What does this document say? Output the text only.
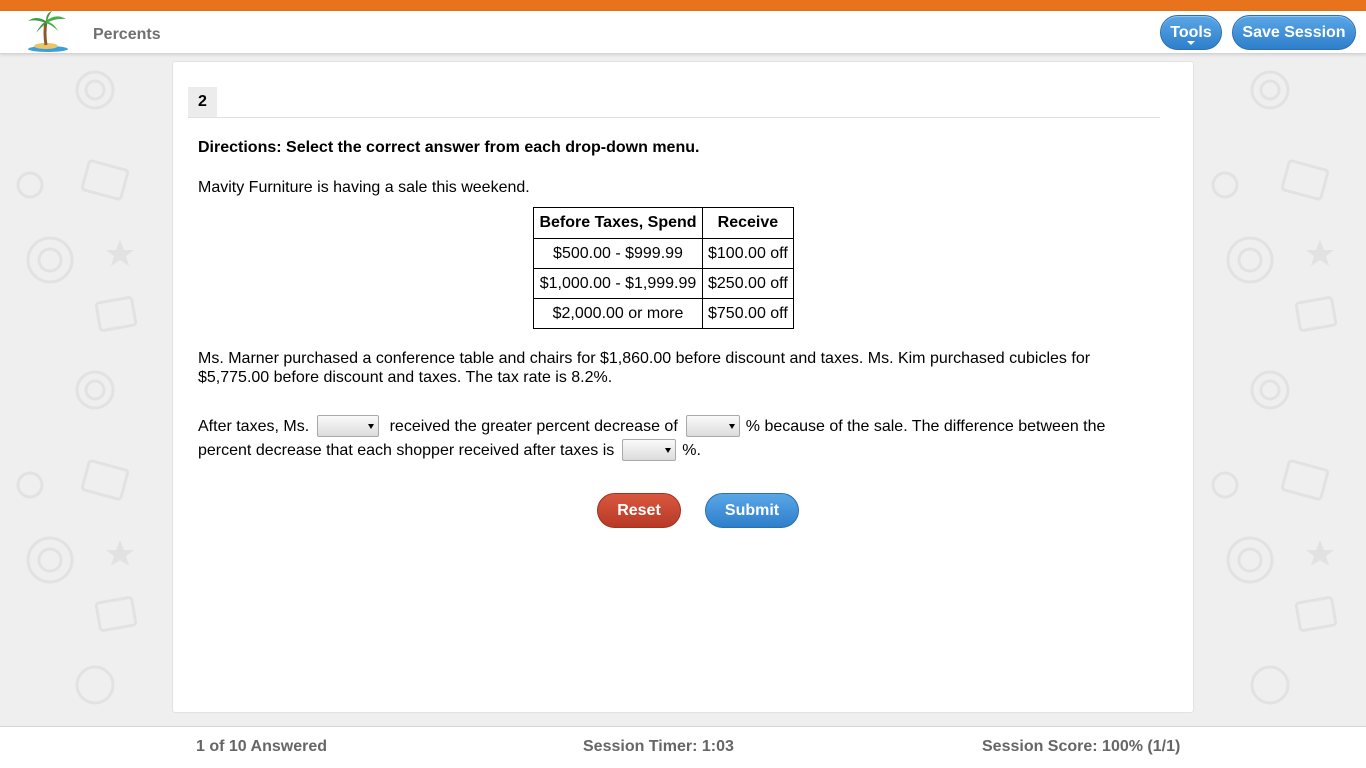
Percents	Tools	Save Session
2
Directions: Select the correct answer from each drop-down menu.
Mavity Furniture is having a sale this weekend.
Before Taxes, Spend	Receive
$500.00 - $999.99	$100.00 off
$1,000.00 - $1,999.99	$250.00 off
$2,000.00 or more	$750.00 off
Ms. Marner purchased a conference table and chairs for $1,860.00 before discount and taxes. Ms. Kim purchased cubicles for $5,775.00 before discount and taxes. The tax rate is 8.2%.
After taxes, Ms.	received the greater percent decrease of	% because of the sale. The difference between the percent decrease that each shopper received after taxes is	%.
Reset	Submit
1 of 10 Answered	Session Timer: 1:03	Session Score: 100% (1/1)
